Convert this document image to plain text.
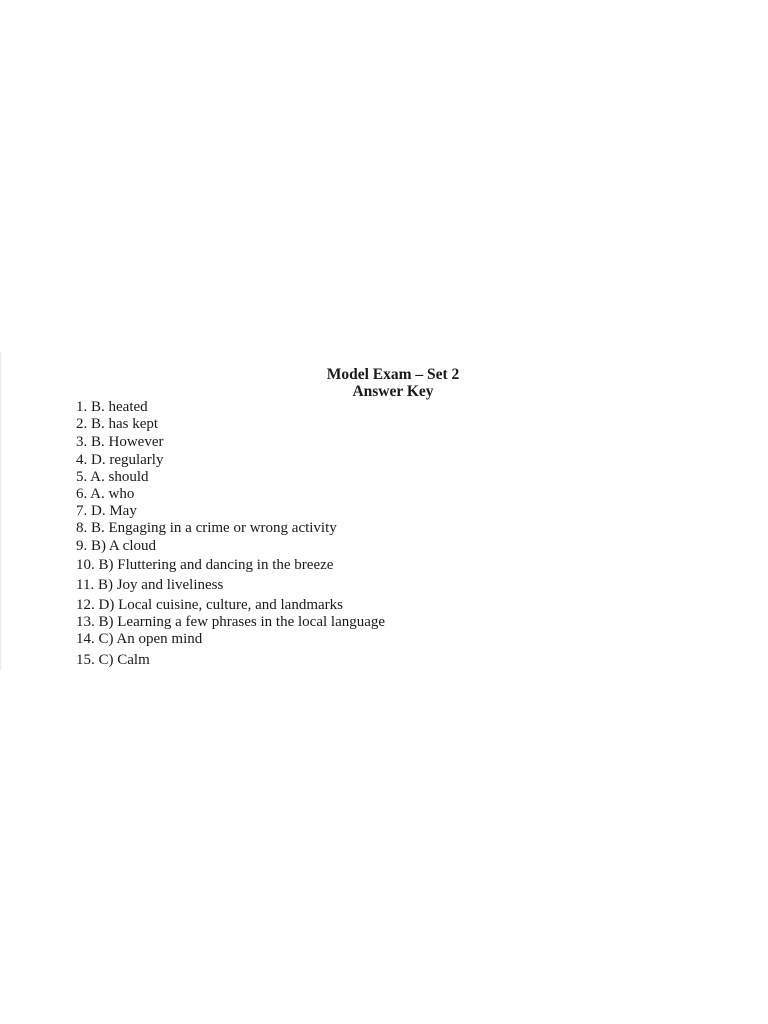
Model Exam – Set 2
Answer Key
1. B. heated
2. B. has kept
3. B. However
4. D. regularly
5. A. should
6. A. who
7. D. May
8. B. Engaging in a crime or wrong activity
9. B) A cloud
10. B) Fluttering and dancing in the breeze
11. B) Joy and liveliness
12. D) Local cuisine, culture, and landmarks
13. B) Learning a few phrases in the local language
14. C) An open mind
15. C) Calm
